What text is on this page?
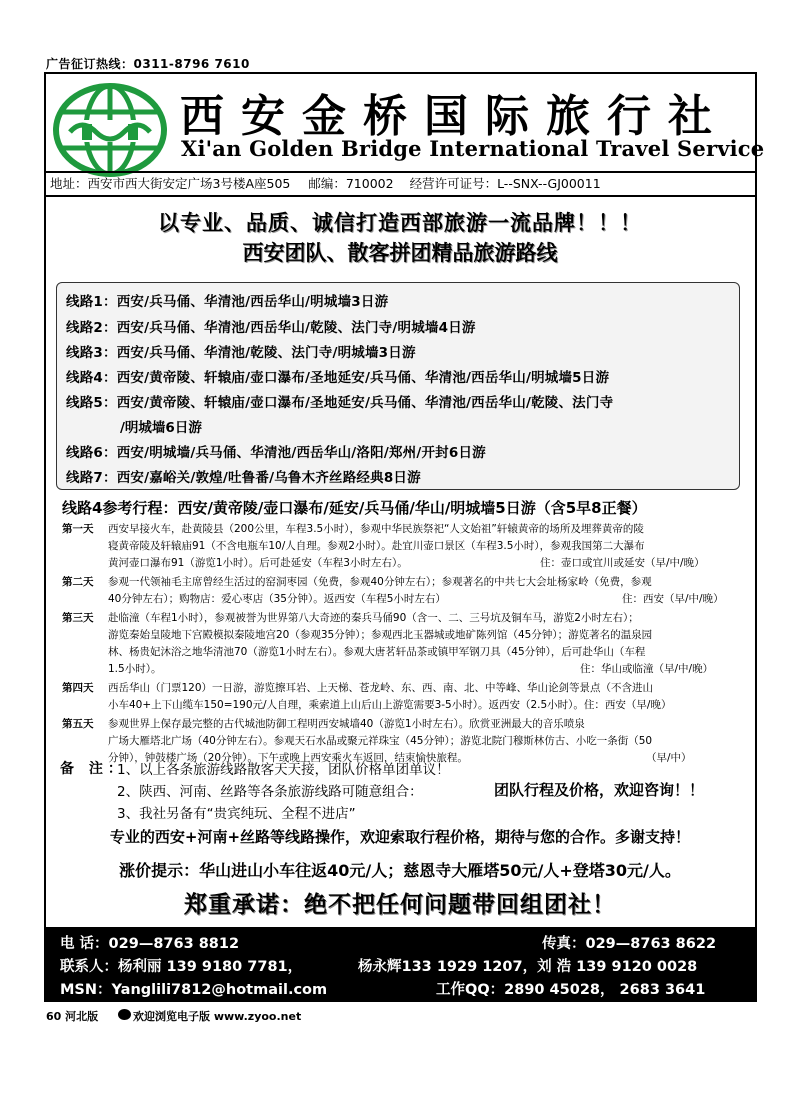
广告征订热线：0311-8796 7610
西安金桥国际旅行社
Xi'an Golden Bridge International Travel Service
地址：西安市西大街安定广场3号楼A座505 邮编：710002 经营许可证号：L--SNX--GJ00011
以专业、品质、诚信打造西部旅游一流品牌！！！
西安团队、散客拼团精品旅游路线
线路1：西安/兵马俑、华清池/西岳华山/明城墙3日游
线路2：西安/兵马俑、华清池/西岳华山/乾陵、法门寺/明城墙4日游
线路3：西安/兵马俑、华清池/乾陵、法门寺/明城墙3日游
线路4：西安/黄帝陵、轩辕庙/壶口瀑布/圣地延安/兵马俑、华清池/西岳华山/明城墙5日游
线路5：西安/黄帝陵、轩辕庙/壶口瀑布/圣地延安/兵马俑、华清池/西岳华山/乾陵、法门寺
/明城墙6日游
线路6：西安/明城墙/兵马俑、华清池/西岳华山/洛阳/郑州/开封6日游
线路7：西安/嘉峪关/敦煌/吐鲁番/乌鲁木齐丝路经典8日游
线路4参考行程：西安/黄帝陵/壶口瀑布/延安/兵马俑/华山/明城墙5日游（含5早8正餐）
第一天 西安早接火车，赴黄陵县（200公里，车程3.5小时），参观中华民族祭祀“人文始祖”轩辕黄帝的场所及埋葬黄帝的陵
寝黄帝陵及轩辕庙91（不含电瓶车10/人自理。参观2小时）。赴宜川壶口景区（车程3.5小时），参观我国第二大瀑布
黄河壶口瀑布91（游览1小时）。后可赴延安（车程3小时左右）。	住：壶口或宜川或延安（早/中/晚）
第二天 参观一代领袖毛主席曾经生活过的窑洞枣园（免费，参观40分钟左右）；参观著名的中共七大会址杨家岭（免费，参观
40分钟左右）；购物店：爱心枣店（35分钟）。返西安（车程5小时左右）	住：西安（早/中/晚）
第三天 赴临潼（车程1小时），参观被誉为世界第八大奇迹的秦兵马俑90（含一、二、三号坑及铜车马，游览2小时左右）；
游览秦始皇陵地下宫殿模拟秦陵地宫20（参观35分钟）；参观西北玉器城或地矿陈列馆（45分钟）；游览著名的温泉园
林、杨贵妃沐浴之地华清池70（游览1小时左右）。参观大唐茗轩品茶或镇甲军钢刀具（45分钟），后可赴华山（车程
1.5小时）。	住：华山或临潼（早/中/晚）
第四天 西岳华山（门票120）一日游，游览擦耳岩、上天梯、苍龙岭、东、西、南、北、中等峰、华山论剑等景点（不含进山
小车40+上下山缆车150=190元/人自理，乘索道上山后山上游览需要3-5小时）。返西安（2.5小时）。住：西安（早/晚）
第五天 参观世界上保存最完整的古代城池防御工程明西安城墙40（游览1小时左右）。欣赏亚洲最大的音乐喷泉
广场大雁塔北广场（40分钟左右）。参观天石水晶或聚元祥珠宝（45分钟）；游览北院门穆斯林仿古、小吃一条街（50
分钟），钟鼓楼广场（20分钟）。下午或晚上西安乘火车返回，结束愉快旅程。	（早/中）
备 注：
1、以上各条旅游线路散客天天接，团队价格单团单议！
2、陕西、河南、丝路等各条旅游线路可随意组合：
3、我社另备有“贵宾纯玩、全程不进店”
团队行程及价格，欢迎咨询！！
专业的西安+河南+丝路等线路操作，欢迎索取行程价格，期待与您的合作。多谢支持！
涨价提示：华山进山小车往返40元/人；慈恩寺大雁塔50元/人+登塔30元/人。
郑重承诺：绝不把任何问题带回组团社！
电 话：029—8763 8812	传真：029—8763 8622
联系人：杨利丽 139 9180 7781，	杨永辉133 1929 1207，刘 浩 139 9120 0028
MSN：Yanglili7812@hotmail.com	工作QQ：2890 45028， 2683 3641
60 河北版	欢迎浏览电子版 www.zyoo.net
